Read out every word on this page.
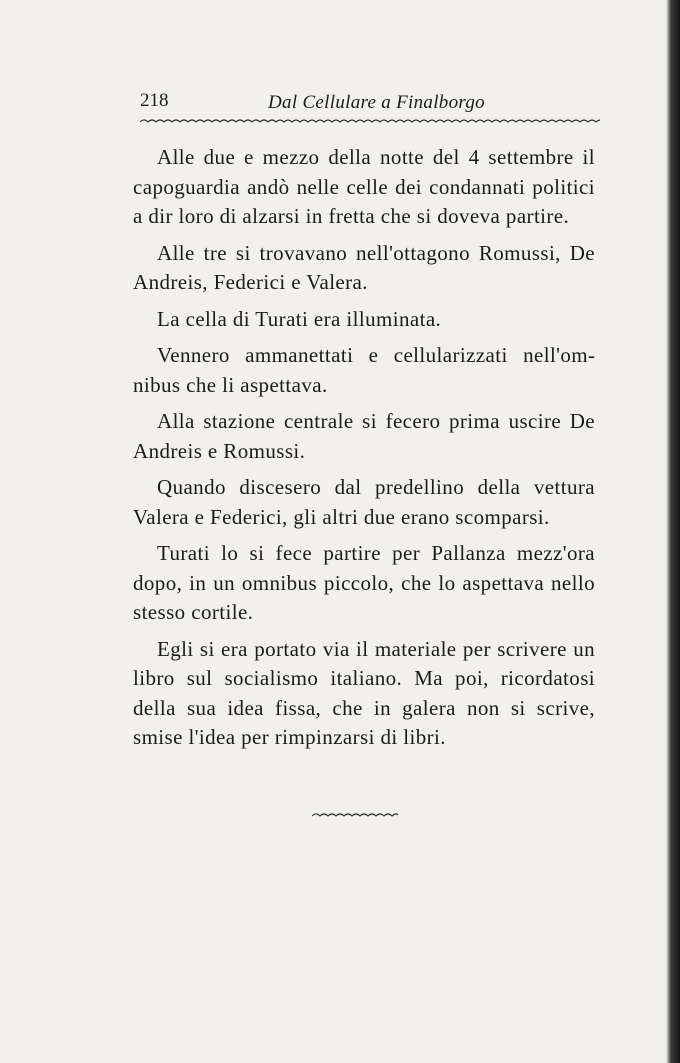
218	Dal Cellulare a Finalborgo

Alle due e mezzo della notte del 4 settembre il capoguardia andò nelle celle dei condannati politici a dir loro di alzarsi in fretta che si doveva partire.

Alle tre si trovavano nell'ottagono Romussi, De Andreis, Federici e Valera.

La cella di Turati era illuminata.

Vennero ammanettati e cellularizzati nell'omnibus che li aspettava.

Alla stazione centrale si fecero prima uscire De Andreis e Romussi.

Quando discesero dal predellino della vettura Valera e Federici, gli altri due erano scomparsi.

Turati lo si fece partire per Pallanza mezz'ora dopo, in un omnibus piccolo, che lo aspettava nello stesso cortile.

Egli si era portato via il materiale per scrivere un libro sul socialismo italiano. Ma poi, ricordatosi della sua idea fissa, che in galera non si scrive, smise l'idea per rimpinzarsi di libri.
